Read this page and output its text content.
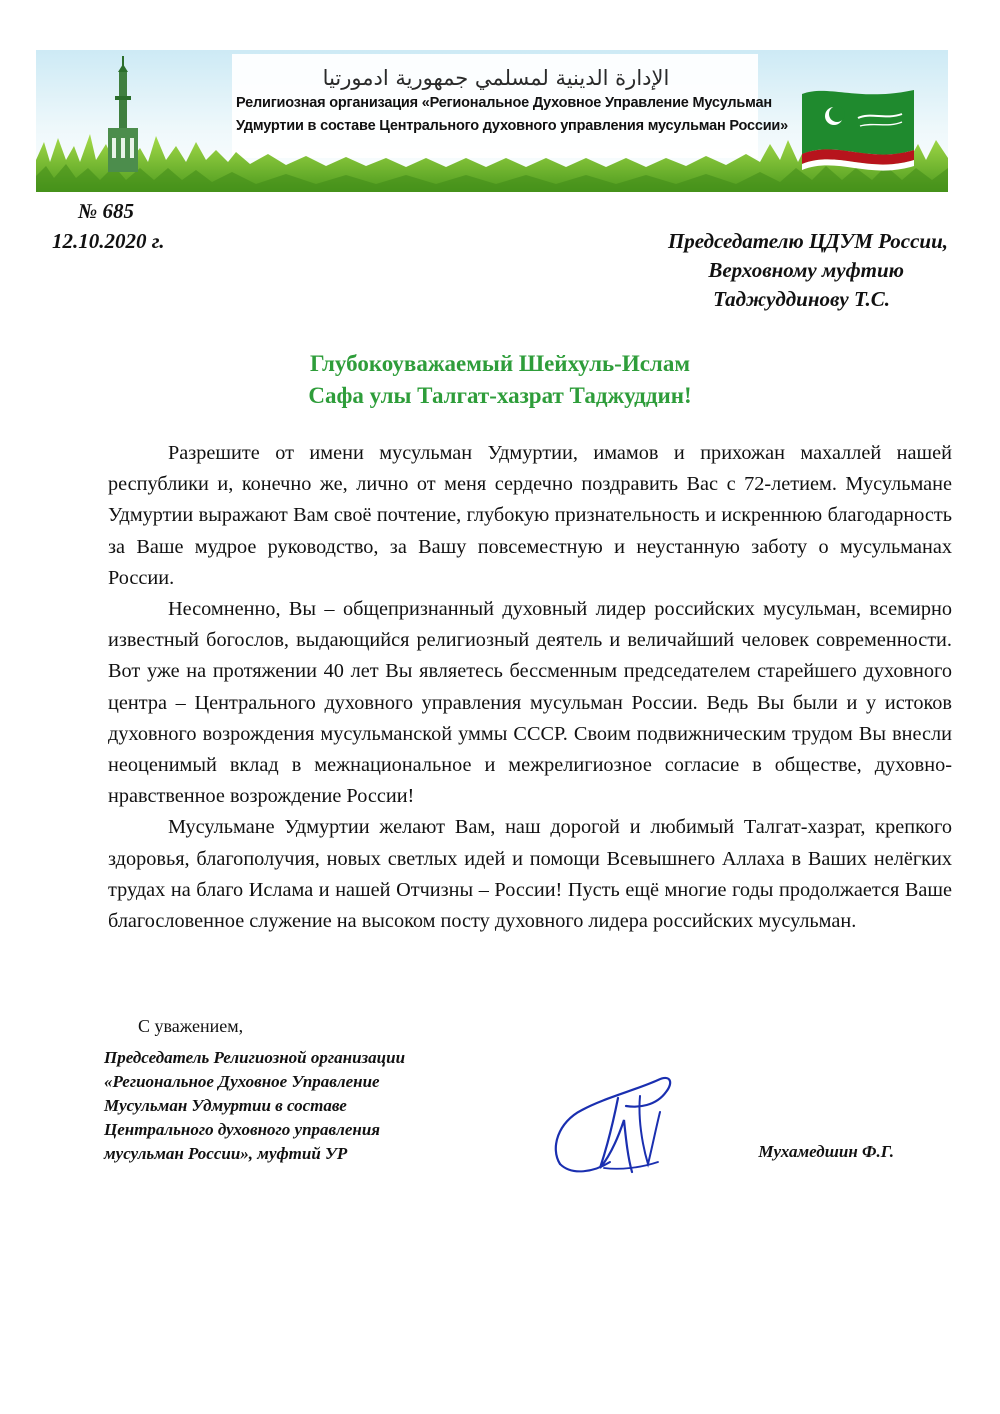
الإدارة الدينية لمسلمي جمهورية ادمورتيا
Религиозная организация «Региональное Духовное Управление Мусульман
Удмуртии в составе Центрального духовного управления мусульман России»
№ 685
12.10.2020 г.	Председателю ЦДУМ России,
Верховному муфтию
Таджуддинову Т.С.
Глубокоуважаемый Шейхуль-Ислам
Сафа улы Талгат-хазрат Таджуддин!

Разрешите от имени мусульман Удмуртии, имамов и прихожан махаллей нашей республики и, конечно же, лично от меня сердечно поздравить Вас с 72-летием. Мусульмане Удмуртии выражают Вам своё почтение, глубокую признательность и искреннюю благодарность за Ваше мудрое руководство, за Вашу повсеместную и неустанную заботу о мусульманах России.

Несомненно, Вы – общепризнанный духовный лидер российских мусульман, всемирно известный богослов, выдающийся религиозный деятель и величайший человек современности. Вот уже на протяжении 40 лет Вы являетесь бессменным председателем старейшего духовного центра – Центрального духовного управления мусульман России. Ведь Вы были и у истоков духовного возрождения мусульманской уммы СССР. Своим подвижническим трудом Вы внесли неоценимый вклад в межнациональное и межрелигиозное согласие в обществе, духовно-нравственное возрождение России!

Мусульмане Удмуртии желают Вам, наш дорогой и любимый Талгат-хазрат, крепкого здоровья, благополучия, новых светлых идей и помощи Всевышнего Аллаха в Ваших нелёгких трудах на благо Ислама и нашей Отчизны – России! Пусть ещё многие годы продолжается Ваше благословенное служение на высоком посту духовного лидера российских мусульман.

С уважением,
Председатель Религиозной организации
«Региональное Духовное Управление
Мусульман Удмуртии в составе
Центрального духовного управления
мусульман России», муфтий УР	Мухамедшин Ф.Г.
